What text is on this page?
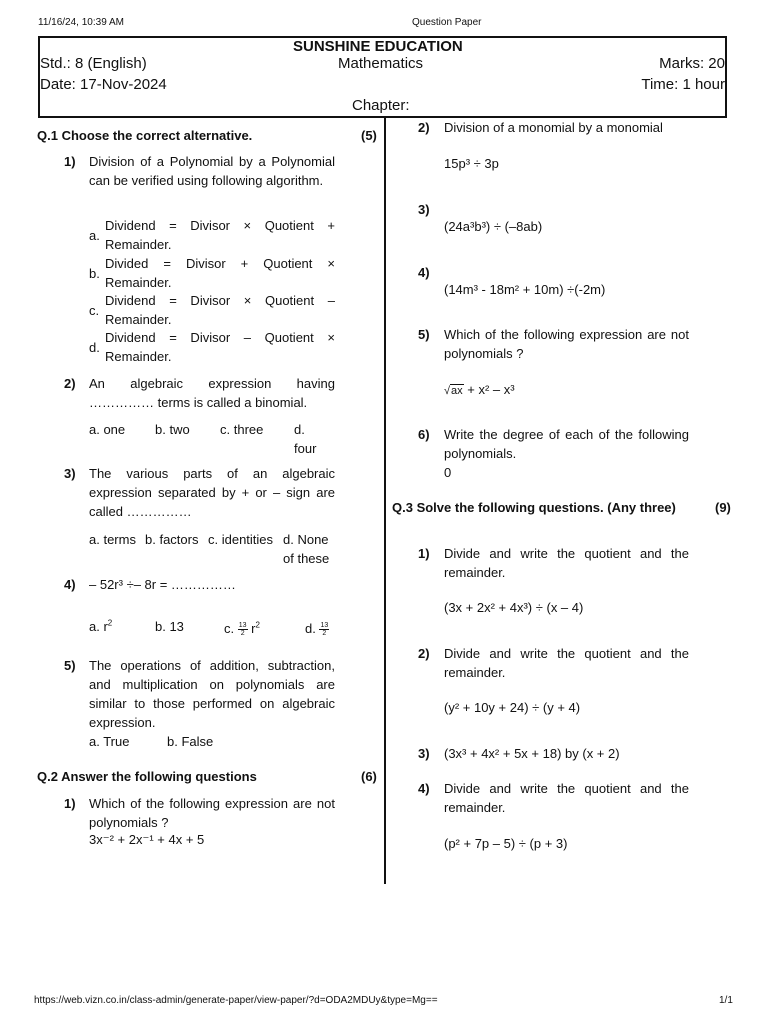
11/16/24, 10:39 AM	Question Paper
SUNSHINE EDUCATION
Std.: 8 (English)	Mathematics	Marks: 20
Date: 17-Nov-2024	Time: 1 hour
Chapter:
Q.1 Choose the correct alternative.	(5)
1) Division of a Polynomial by a Polynomial can be verified using following algorithm.
a.
Dividend = Divisor × Quotient + Remainder.
b.
Divided = Divisor + Quotient × Remainder.
c.
Dividend = Divisor × Quotient – Remainder.
d.
Dividend = Divisor – Quotient × Remainder.
2) An algebraic expression having …………… terms is called a binomial.
a. one b. two c. three d.
four
3) The various parts of an algebraic expression separated by + or – sign are called ……………
a. terms b. factors c. identities d. None
of these
4) – 52r³ ÷– 8r = ……………
a. $r^2$	b. 13	c. $\frac{13}{2} r^2$	d. $\frac{13}{2}$
5) The operations of addition, subtraction, and multiplication on polynomials are similar to those performed on algebraic expression.
a. True	b. False
Q.2 Answer the following questions	(6)
1) Which of the following expression are not polynomials ?
3x⁻² + 2x⁻¹ + 4x + 5
2) Division of a monomial by a monomial
15p³ ÷ 3p
3)
(24a³b³) ÷ (–8ab)
4)
(14m³ - 18m² + 10m) ÷(-2m)
5) Which of the following expression are not polynomials ?
√ax + x² – x³
6) Write the degree of each of the following polynomials.
0
Q.3 Solve the following questions. (Any three)	(9)
1) Divide and write the quotient and the remainder.
(3x + 2x² + 4x³) ÷ (x – 4)
2) Divide and write the quotient and the remainder.
(y² + 10y + 24) ÷ (y + 4)
3) (3x³ + 4x² + 5x + 18) by (x + 2)
4) Divide and write the quotient and the remainder.
(p² + 7p – 5) ÷ (p + 3)
https://web.vizn.co.in/class-admin/generate-paper/view-paper/?d=ODA2MDUy&type=Mg==	1/1
